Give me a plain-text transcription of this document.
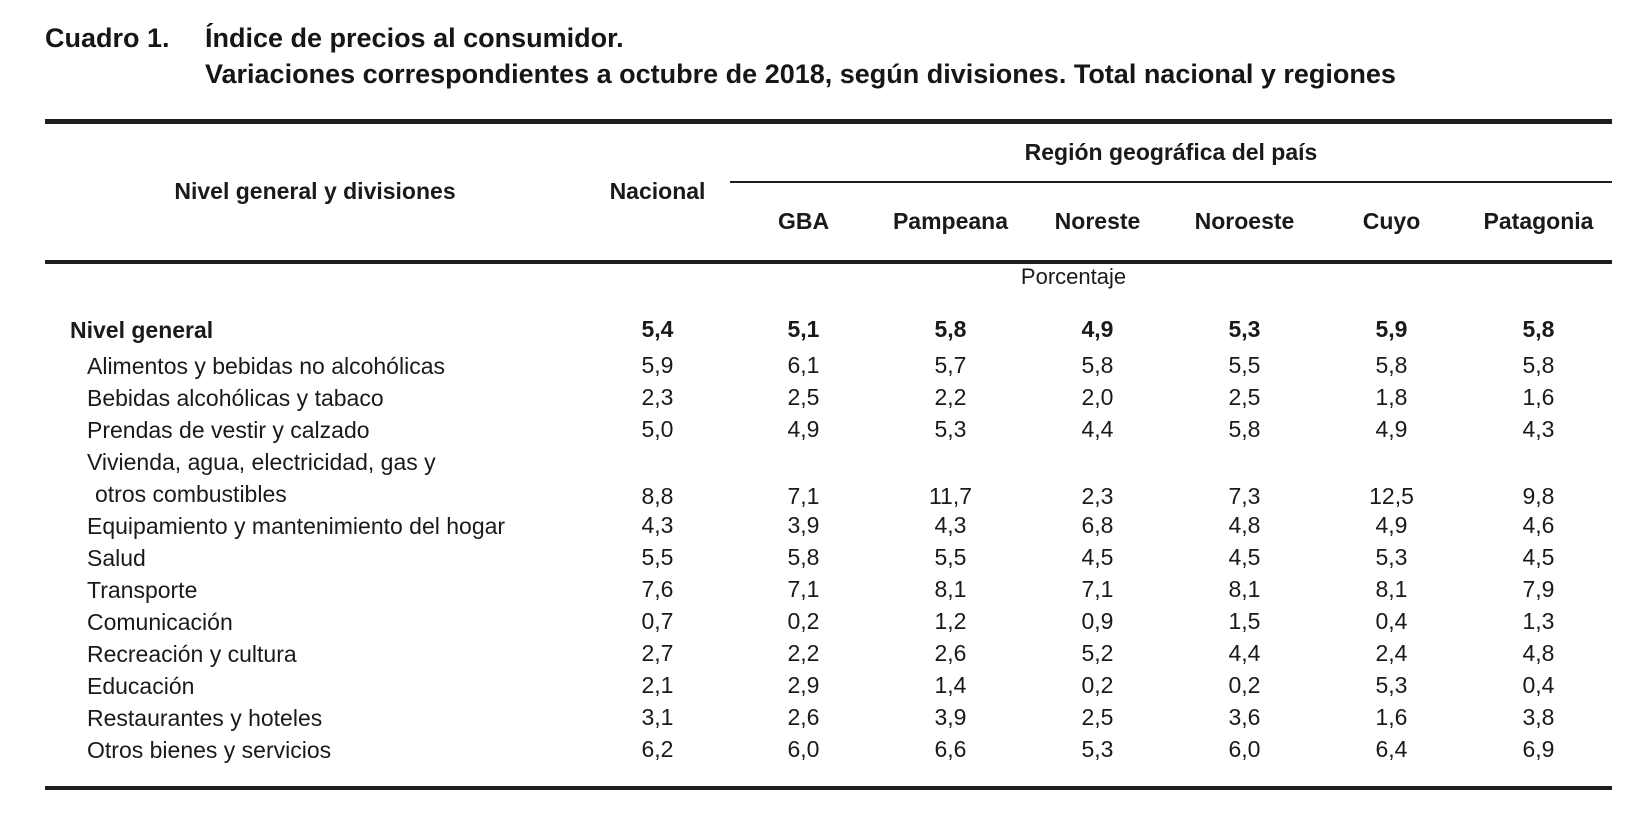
Cuadro 1.	Índice de precios al consumidor.
Variaciones correspondientes a octubre de 2018, según divisiones. Total nacional y regiones
Nivel general y divisiones	Nacional	Región geográfica del país					
		GBA	Pampeana	Noreste	Noroeste	Cuyo	Patagonia
	Porcentaje						
Nivel general	5,4	5,1	5,8	4,9	5,3	5,9	5,8
Alimentos y bebidas no alcohólicas	5,9	6,1	5,7	5,8	5,5	5,8	5,8
Bebidas alcohólicas y tabaco	2,3	2,5	2,2	2,0	2,5	1,8	1,6
Prendas de vestir y calzado	5,0	4,9	5,3	4,4	5,8	4,9	4,3

Vivienda, agua, electricidad, gas y
otros combustibles	8,8	7,1	11,7	2,3	7,3	12,5	9,8
Equipamiento y mantenimiento del hogar	4,3	3,9	4,3	6,8	4,8	4,9	4,6
Salud	5,5	5,8	5,5	4,5	4,5	5,3	4,5
Transporte	7,6	7,1	8,1	7,1	8,1	8,1	7,9
Comunicación	0,7	0,2	1,2	0,9	1,5	0,4	1,3
Recreación y cultura	2,7	2,2	2,6	5,2	4,4	2,4	4,8
Educación	2,1	2,9	1,4	0,2	0,2	5,3	0,4
Restaurantes y hoteles	3,1	2,6	3,9	2,5	3,6	1,6	3,8
Otros bienes y servicios	6,2	6,0	6,6	5,3	6,0	6,4	6,9
